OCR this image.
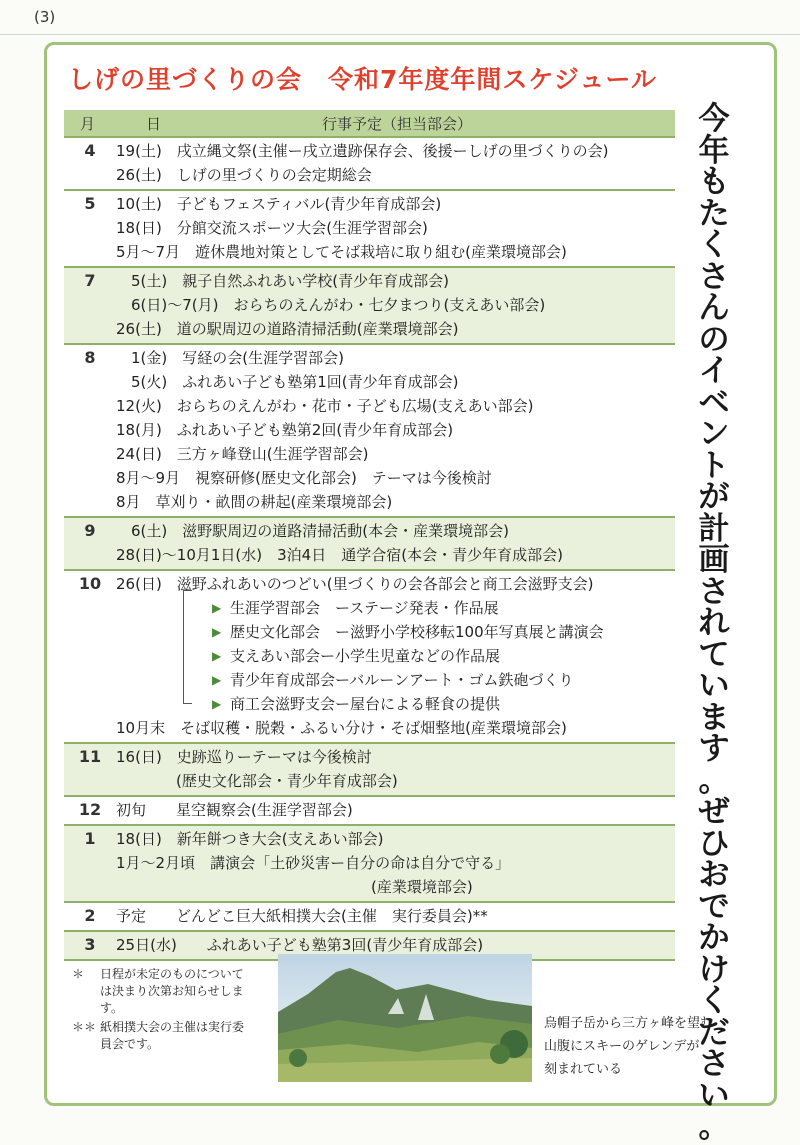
(3)
しげの里づくりの会　令和7年度年間スケジュール
月	日	行事予定（担当部会）
4	19(土)　戌立縄文祭(主催ー戌立遺跡保存会、後援ーしげの里づくりの会)
26(土)　しげの里づくりの会定期総会
5	10(土)　子どもフェスティバル(青少年育成部会)
18(日)　分館交流スポーツ大会(生涯学習部会)
5月～7月　遊休農地対策としてそば栽培に取り組む(産業環境部会)
7	　5(土)　親子自然ふれあい学校(青少年育成部会)
　6(日)～7(月)　おらちのえんがわ・七夕まつり(支えあい部会)
26(土)　道の駅周辺の道路清掃活動(産業環境部会)
8	　1(金)　写経の会(生涯学習部会)
　5(火)　ふれあい子ども塾第1回(青少年育成部会)
12(火)　おらちのえんがわ・花市・子ども広場(支えあい部会)
18(月)　ふれあい子ども塾第2回(青少年育成部会)
24(日)　三方ヶ峰登山(生涯学習部会)
8月～9月　視察研修(歴史文化部会)　テーマは今後検討
8月　草刈り・畝間の耕起(産業環境部会)
9	　6(土)　滋野駅周辺の道路清掃活動(本会・産業環境部会)
28(日)～10月1日(水)　3泊4日　通学合宿(本会・青少年育成部会)
10 26(日)　滋野ふれあいのつどい(里づくりの会各部会と商工会滋野支会)
▶ 生涯学習部会　ーステージ発表・作品展
▶ 歴史文化部会　ー滋野小学校移転100年写真展と講演会
▶ 支えあい部会ー小学生児童などの作品展
▶ 青少年育成部会ーバルーンアート・ゴム鉄砲づくり
▶ 商工会滋野支会ー屋台による軽食の提供
10月末　そば収穫・脱穀・ふるい分け・そば畑整地(産業環境部会)
11 16(日)　史跡巡りーテーマは今後検討
　　　　(歴史文化部会・青少年育成部会)
12 初旬　　星空観察会(生涯学習部会)
1	18(日)　新年餅つき大会(支えあい部会)
1月～2月頃　講演会「土砂災害ー自分の命は自分で守る」
　　　　　　　　　　　　　　　　　(産業環境部会)
2	予定　　どんどこ巨大紙相撲大会(主催　実行委員会)**
3	25日(水)　　ふれあい子ども塾第3回(青少年育成部会)
今
年
も
た
く
さ
ん
の
イ
ベ
ン
ト
が
計
画
さ
れ
て
い
ま
す
。
ぜ
ひ
お
で
か
け
く
だ
さ
い
。
＊	日程が未定のものについては決まり次第お知らせします。
＊＊ 紙相撲大会の主催は実行委員会です。
烏帽子岳から三方ヶ峰を望む
山腹にスキーのゲレンデが
刻まれている
